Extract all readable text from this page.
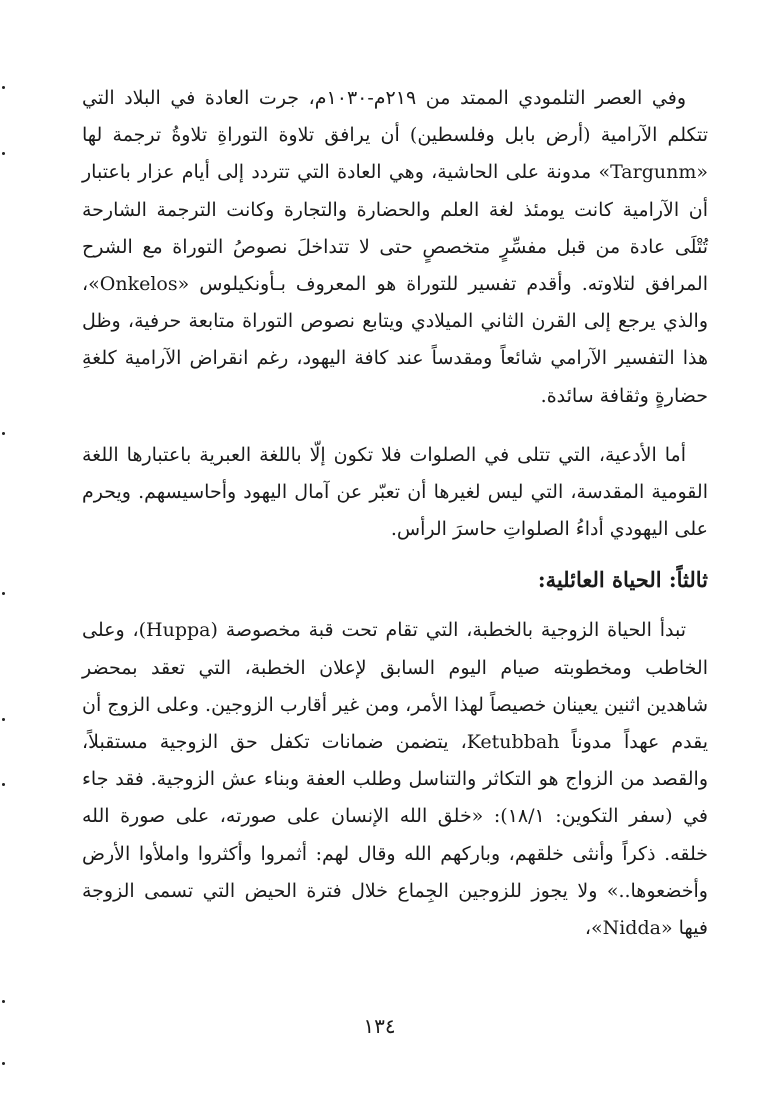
وفي العصر التلمودي الممتد من ٢١٩م-١٠٣٠م، جرت العادة في البلاد التي تتكلم الآرامية (أرض بابل وفلسطين) أن يرافق تلاوة التوراةِ تلاوةُ ترجمة لها «Targunm» مدونة على الحاشية، وهي العادة التي تتردد إلى أيام عزار باعتبار أن الآرامية كانت يومئذ لغة العلم والحضارة والتجارة وكانت الترجمة الشارحة تُتْلَى عادة من قبل مفسِّرٍ متخصصٍ حتى لا تتداخلَ نصوصُ التوراة مع الشرح المرافق لتلاوته. وأقدم تفسير للتوراة هو المعروف بـأونكيلوس «Onkelos»، والذي يرجع إلى القرن الثاني الميلادي ويتابع نصوص التوراة متابعة حرفية، وظل هذا التفسير الآرامي شائعاً ومقدساً عند كافة اليهود، رغم انقراض الآرامية كلغةِ حضارةٍ وثقافة سائدة.

أما الأدعية، التي تتلى في الصلوات فلا تكون إلّا باللغة العبرية باعتبارها اللغة القومية المقدسة، التي ليس لغيرها أن تعبّر عن آمال اليهود وأحاسيسهم. ويحرم على اليهودي أداءُ الصلواتِ حاسرَ الرأس.

ثالثاً: الحياة العائلية:

تبدأ الحياة الزوجية بالخطبة، التي تقام تحت قبة مخصوصة (Huppa)، وعلى الخاطب ومخطوبته صيام اليوم السابق لإعلان الخطبة، التي تعقد بمحضر شاهدين اثنين يعينان خصيصاً لهذا الأمر، ومن غير أقارب الزوجين. وعلى الزوج أن يقدم عهداً مدوناً Ketubbah، يتضمن ضمانات تكفل حق الزوجية مستقبلاً، والقصد من الزواج هو التكاثر والتناسل وطلب العفة وبناء عش الزوجية. فقد جاء في (سفر التكوين: ١٨/١): «خلق الله الإنسان على صورته، على صورة الله خلقه. ذكراً وأنثى خلقهم، وباركهم الله وقال لهم: أثمروا وأكثروا واملأوا الأرض وأخضعوها..» ولا يجوز للزوجين الجِماع خلال فترة الحيض التي تسمى الزوجة فيها «Nidda»،

١٣٤
